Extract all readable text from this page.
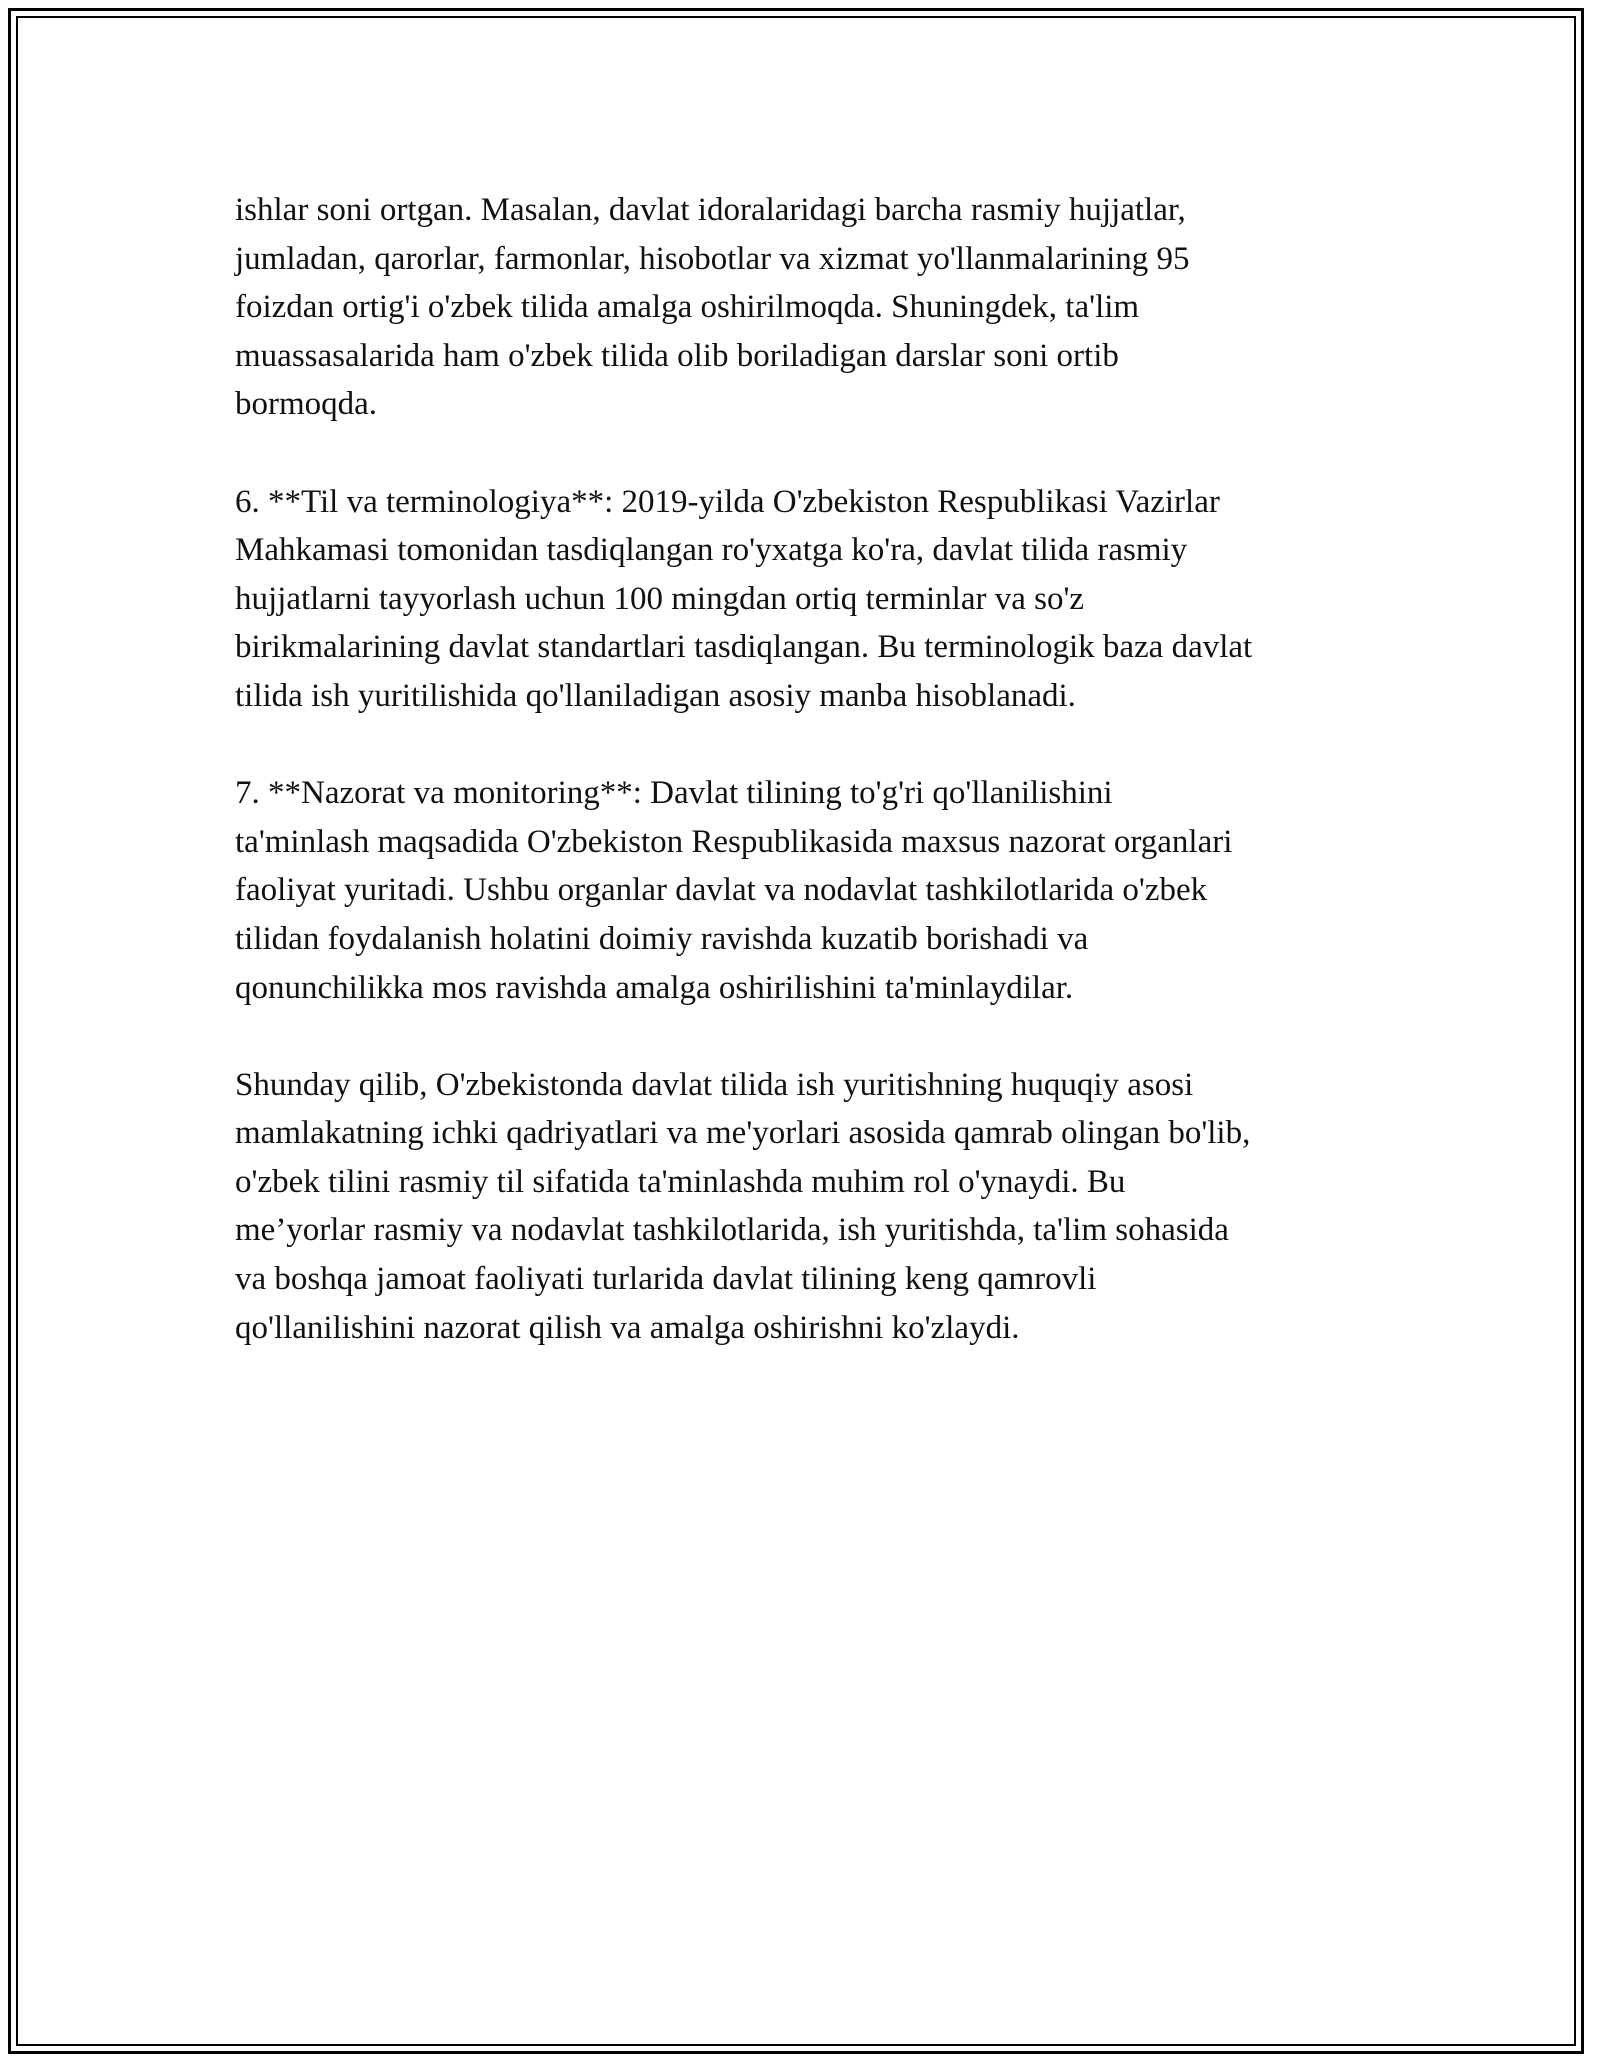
ishlar soni ortgan. Masalan, davlat idoralaridagi barcha rasmiy hujjatlar,
jumladan, qarorlar, farmonlar, hisobotlar va xizmat yo'llanmalarining 95
foizdan ortig'i o'zbek tilida amalga oshirilmoqda. Shuningdek, ta'lim
muassasalarida ham o'zbek tilida olib boriladigan darslar soni ortib
bormoqda.

6. **Til va terminologiya**: 2019-yilda O'zbekiston Respublikasi Vazirlar
Mahkamasi tomonidan tasdiqlangan ro'yxatga ko'ra, davlat tilida rasmiy
hujjatlarni tayyorlash uchun 100 mingdan ortiq terminlar va so'z
birikmalarining davlat standartlari tasdiqlangan. Bu terminologik baza davlat
tilida ish yuritilishida qo'llaniladigan asosiy manba hisoblanadi.

7. **Nazorat va monitoring**: Davlat tilining to'g'ri qo'llanilishini
ta'minlash maqsadida O'zbekiston Respublikasida maxsus nazorat organlari
faoliyat yuritadi. Ushbu organlar davlat va nodavlat tashkilotlarida o'zbek
tilidan foydalanish holatini doimiy ravishda kuzatib borishadi va
qonunchilikka mos ravishda amalga oshirilishini ta'minlaydilar.

Shunday qilib, O'zbekistonda davlat tilida ish yuritishning huquqiy asosi
mamlakatning ichki qadriyatlari va me'yorlari asosida qamrab olingan bo'lib,
o'zbek tilini rasmiy til sifatida ta'minlashda muhim rol o'ynaydi. Bu
me’yorlar rasmiy va nodavlat tashkilotlarida, ish yuritishda, ta'lim sohasida
va boshqa jamoat faoliyati turlarida davlat tilining keng qamrovli
qo'llanilishini nazorat qilish va amalga oshirishni ko'zlaydi.
